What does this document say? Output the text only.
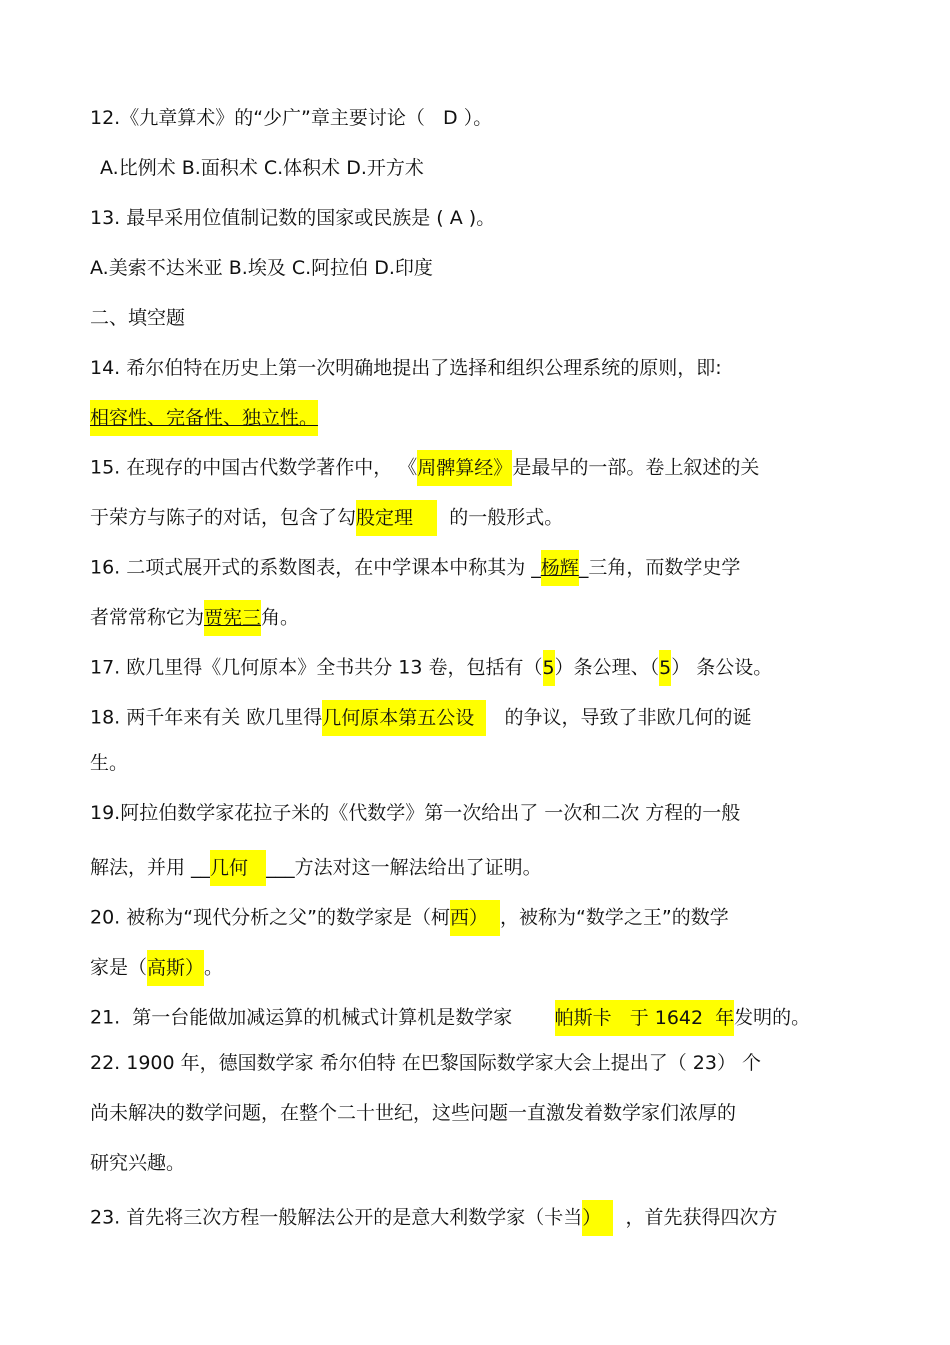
12.《九章算术》的“少广”章主要讨论（ D ）。
A.比例术 B.面积术 C.体积术 D.开方术
13. 最早采用位值制记数的国家或民族是 ( A )。
A.美索不达米亚 B.埃及 C.阿拉伯 D.印度
二、填空题
14. 希尔伯特在历史上第一次明确地提出了选择和组织公理系统的原则，即:
相容性、完备性、独立性。
15. 在现存的中国古代数学著作中， 《周髀算经》是最早的一部。卷上叙述的关
于荣方与陈子的对话，包含了勾股定理      的一般形式。
16. 二项式展开式的系数图表，在中学课本中称其为 _杨辉_三角，而数学史学
者常常称它为贾宪三角。
17. 欧几里得《几何原本》全书共分 13 卷，包括有（5）条公理、（5） 条公设。
18. 两千年来有关 欧几里得几何原本第五公设     的争议，导致了非欧几何的诞
生。
19.阿拉伯数学家花拉子米的《代数学》第一次给出了 一次和二次 方程的一般
解法，并用 __几何   ___方法对这一解法给出了证明。
20. 被称为“现代分析之父”的数学家是（柯西）  ，被称为“数学之王”的数学
家是（高斯）。
21.  第一台能做加减运算的机械式计算机是数学家       帕斯卡   于 1642  年发明的。
22. 1900 年，德国数学家 希尔伯特 在巴黎国际数学家大会上提出了（ 23） 个
尚未解决的数学问题，在整个二十世纪，这些问题一直激发着数学家们浓厚的
研究兴趣。
23. 首先将三次方程一般解法公开的是意大利数学家（卡当）    ，首先获得四次方
